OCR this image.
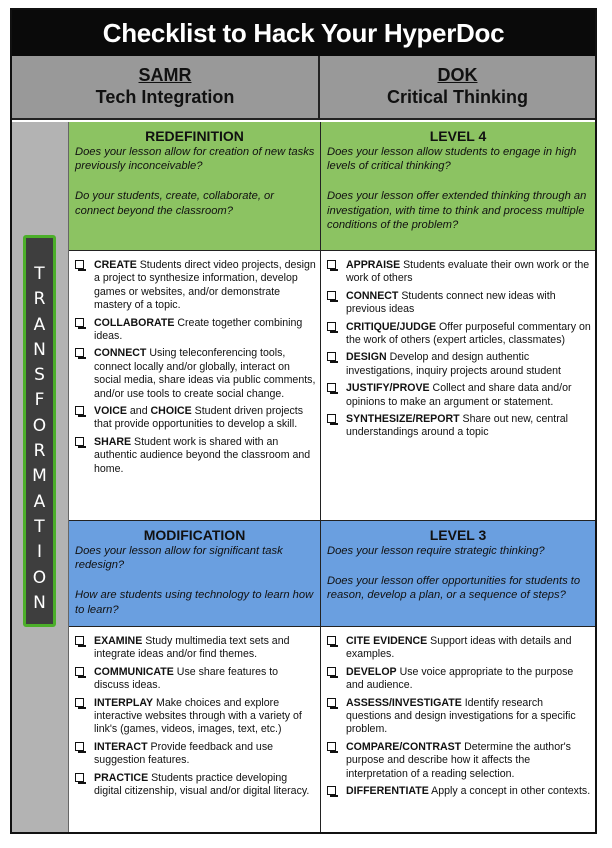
Checklist to Hack Your HyperDoc
SAMR
Tech Integration
DOK
Critical Thinking
T
R
A
N
S
F
O
R
M
A
T
I
O
N
REDEFINITION
Does your lesson allow for creation of new tasks previously inconceivable?
Do your students, create, collaborate, or connect beyond the classroom?
LEVEL 4
Does your lesson allow students to engage in high levels of critical thinking?
Does your lesson offer extended thinking through an investigation, with time to think and process multiple conditions of the problem?
CREATE Students direct video projects, design a project to synthesize information, develop games or websites, and/or demonstrate mastery of a topic.
COLLABORATE Create together combining ideas.
CONNECT Using teleconferencing tools, connect locally and/or globally, interact on social media, share ideas via public comments, and/or use tools to create social change.
VOICE and CHOICE Student driven projects that provide opportunities to develop a skill.
SHARE Student work is shared with an authentic audience beyond the classroom and home.
APPRAISE Students evaluate their own work or the work of others
CONNECT Students connect new ideas with previous ideas
CRITIQUE/JUDGE Offer purposeful commentary on the work of others (expert articles, classmates)
DESIGN Develop and design authentic investigations, inquiry projects around student
JUSTIFY/PROVE Collect and share data and/or opinions to make an argument or statement.
SYNTHESIZE/REPORT Share out new, central understandings around a topic
MODIFICATION
Does your lesson allow for significant task redesign?
How are students using technology to learn how to learn?
LEVEL 3
Does your lesson require strategic thinking?
Does your lesson offer opportunities for students to reason, develop a plan, or a sequence of steps?
EXAMINE Study multimedia text sets and integrate ideas and/or find themes.
COMMUNICATE Use share features to discuss ideas.
INTERPLAY Make choices and explore interactive websites through with a variety of link's (games, videos, images, text, etc.)
INTERACT Provide feedback and use suggestion features.
PRACTICE Students practice developing digital citizenship, visual and/or digital literacy.
CITE EVIDENCE Support ideas with details and examples.
DEVELOP Use voice appropriate to the purpose and audience.
ASSESS/INVESTIGATE Identify research questions and design investigations for a specific problem.
COMPARE/CONTRAST Determine the author's purpose and describe how it affects the interpretation of a reading selection.
DIFFERENTIATE Apply a concept in other contexts.
